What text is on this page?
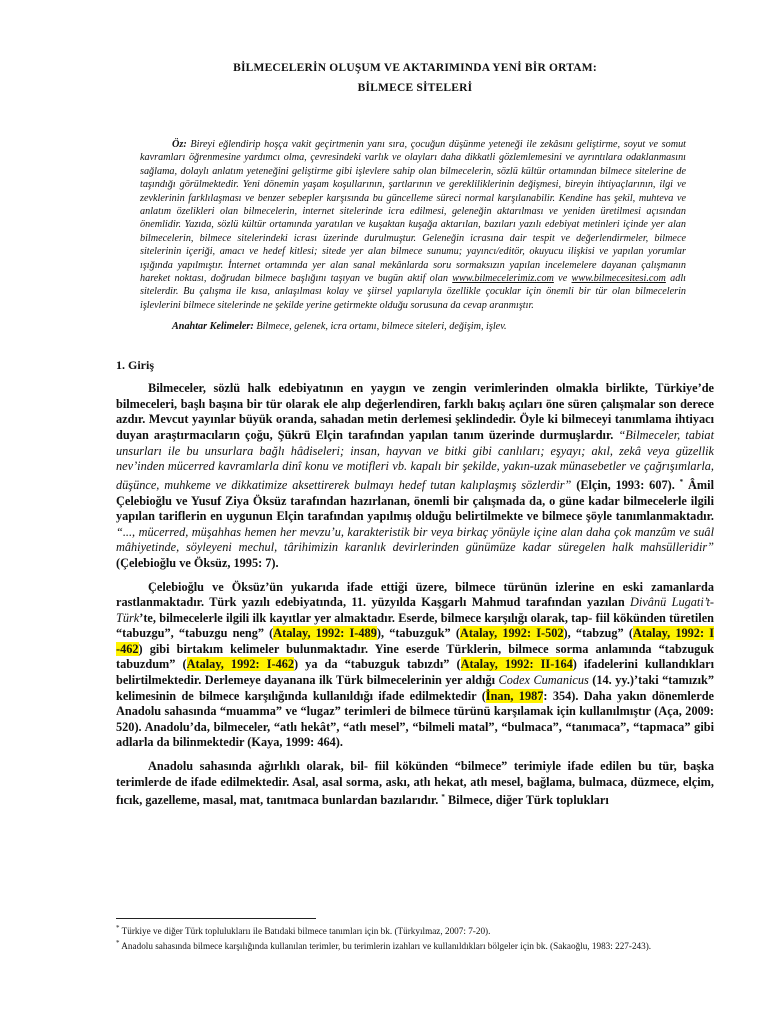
BİLMECELERİN OLUŞUM VE AKTARIMINDA YENİ BİR ORTAM:
BİLMECE SİTELERİ
Öz: Bireyi eğlendirip hoşça vakit geçirtmenin yanı sıra, çocuğun düşünme yeteneği ile zekâsını geliştirme, soyut ve somut kavramları öğrenmesine yardımcı olma, çevresindeki varlık ve olayları daha dikkatli gözlemlemesini ve ayrıntılara odaklanmasını sağlama, dolaylı anlatım yeteneğini geliştirme gibi işlevlere sahip olan bilmecelerin, sözlü kültür ortamından bilmece sitelerine de taşındığı görülmektedir. Yeni dönemin yaşam koşullarının, şartlarının ve gerekliliklerinin değişmesi, bireyin ihtiyaçlarının, ilgi ve zevklerinin farklılaşması ve benzer sebepler karşısında bu güncelleme süreci normal karşılanabilir. Kendine has şekil, muhteva ve anlatım özelikleri olan bilmecelerin, internet sitelerinde icra edilmesi, geleneğin aktarılması ve yeniden üretilmesi açısından önemlidir. Yazıda, sözlü kültür ortamında yaratılan ve kuşaktan kuşağa aktarılan, bazıları yazılı edebiyat metinleri içinde yer alan bilmecelerin, bilmece sitelerindeki icrası üzerinde durulmuştur. Geleneğin icrasına dair tespit ve değerlendirmeler, bilmece sitelerinin içeriği, amacı ve hedef kitlesi; sitede yer alan bilmece sunumu; yayıncı/editör, okuyucu ilişkisi ve yapılan yorumlar ışığında yapılmıştır. İnternet ortamında yer alan sanal mekânlarda soru sormaksızın yapılan incelemelere dayanan çalışmanın hareket noktası, doğrudan bilmece başlığını taşıyan ve bugün aktif olan www.bilmecelerimiz.com ve www.bilmecesitesi.com adlı sitelerdir. Bu çalışma ile kısa, anlaşılması kolay ve şiirsel yapılarıyla özellikle çocuklar için önemli bir tür olan bilmecelerin işlevlerini bilmece sitelerinde ne şekilde yerine getirmekte olduğu sorusuna da cevap aranmıştır.
Anahtar Kelimeler: Bilmece, gelenek, icra ortamı, bilmece siteleri, değişim, işlev.
1. Giriş

Bilmeceler, sözlü halk edebiyatının en yaygın ve zengin verimlerinden olmakla birlikte, Türkiye’de bilmeceleri, başlı başına bir tür olarak ele alıp değerlendiren, farklı bakış açıları öne süren çalışmalar son derece azdır. Mevcut yayınlar büyük oranda, sahadan metin derlemesi şeklindedir. Öyle ki bilmeceyi tanımlama ihtiyacı duyan araştırmacıların çoğu, Şükrü Elçin tarafından yapılan tanım üzerinde durmuşlardır. “Bilmeceler, tabiat unsurları ile bu unsurlara bağlı hâdiseleri; insan, hayvan ve bitki gibi canlıları; eşyayı; akıl, zekâ veya güzellik nev’inden mücerred kavramlarla dinî konu ve motifleri vb. kapalı bir şekilde, yakın-uzak münasebetler ve çağrışımlarla, düşünce, muhkeme ve dikkatimize aksettirerek bulmayı hedef tutan kalıplaşmış sözlerdir” (Elçin, 1993: 607). * Âmil Çelebioğlu ve Yusuf Ziya Öksüz tarafından hazırlanan, önemli bir çalışmada da, o güne kadar bilmecelerle ilgili yapılan tariflerin en uygunun Elçin tarafından yapılmış olduğu belirtilmekte ve bilmece şöyle tanımlanmaktadır. “..., mücerred, müşahhas hemen her mevzu’u, karakteristik bir veya birkaç yönüyle içine alan daha çok manzûm ve suâl mâhiyetinde, söyleyeni mechul, târihimizin karanlık devirlerinden günümüze kadar süregelen halk mahsülleridir” (Çelebioğlu ve Öksüz, 1995: 7).

Çelebioğlu ve Öksüz’ün yukarıda ifade ettiği üzere, bilmece türünün izlerine en eski zamanlarda rastlanmaktadır. Türk yazılı edebiyatında, 11. yüzyılda Kaşgarlı Mahmud tarafından yazılan Divânü Lugati’t-Türk’te, bilmecelerle ilgili ilk kayıtlar yer almaktadır. Eserde, bilmece karşılığı olarak, tap- fiil kökünden türetilen “tabuzgu”, “tabuzgu neng” (Atalay, 1992: I-489), “tabuzguk” (Atalay, 1992: I-502), “tabzug” (Atalay, 1992: I -462) gibi birtakım kelimeler bulunmaktadır. Yine eserde Türklerin, bilmece sorma anlamında “tabzuguk tabuzdum” (Atalay, 1992: I-462) ya da “tabuzguk tabızdı” (Atalay, 1992: II-164) ifadelerini kullandıkları belirtilmektedir. Derlemeye dayanana ilk Türk bilmecelerinin yer aldığı Codex Cumanicus (14. yy.)’taki “tamızık” kelimesinin de bilmece karşılığında kullanıldığı ifade edilmektedir (İnan, 1987: 354). Daha yakın dönemlerde Anadolu sahasında “muamma” ve “lugaz” terimleri de bilmece türünü karşılamak için kullanılmıştır (Aça, 2009: 520). Anadolu’da, bilmeceler, “atlı hekât”, “atlı mesel”, “bilmeli matal”, “bulmaca”, “tanımaca”, “tapmaca” gibi adlarla da bilinmektedir (Kaya, 1999: 464).

Anadolu sahasında ağırlıklı olarak, bil- fiil kökünden “bilmece” terimiyle ifade edilen bu tür, başka terimlerde de ifade edilmektedir. Asal, asal sorma, askı, atlı hekat, atlı mesel, bağlama, bulmaca, düzmece, elçim, fıcık, gazelleme, masal, mat, tanıtmaca bunlardan bazılarıdır. * Bilmece, diğer Türk toplukları

* Türkiye ve diğer Türk topluluklarıı ile Batıdaki bilmece tanımları için bk. (Türkyılmaz, 2007: 7-20).
* Anadolu sahasında bilmece karşılığında kullanılan terimler, bu terimlerin izahları ve kullanıldıkları bölgeler için bk. (Sakaoğlu, 1983: 227-243).
